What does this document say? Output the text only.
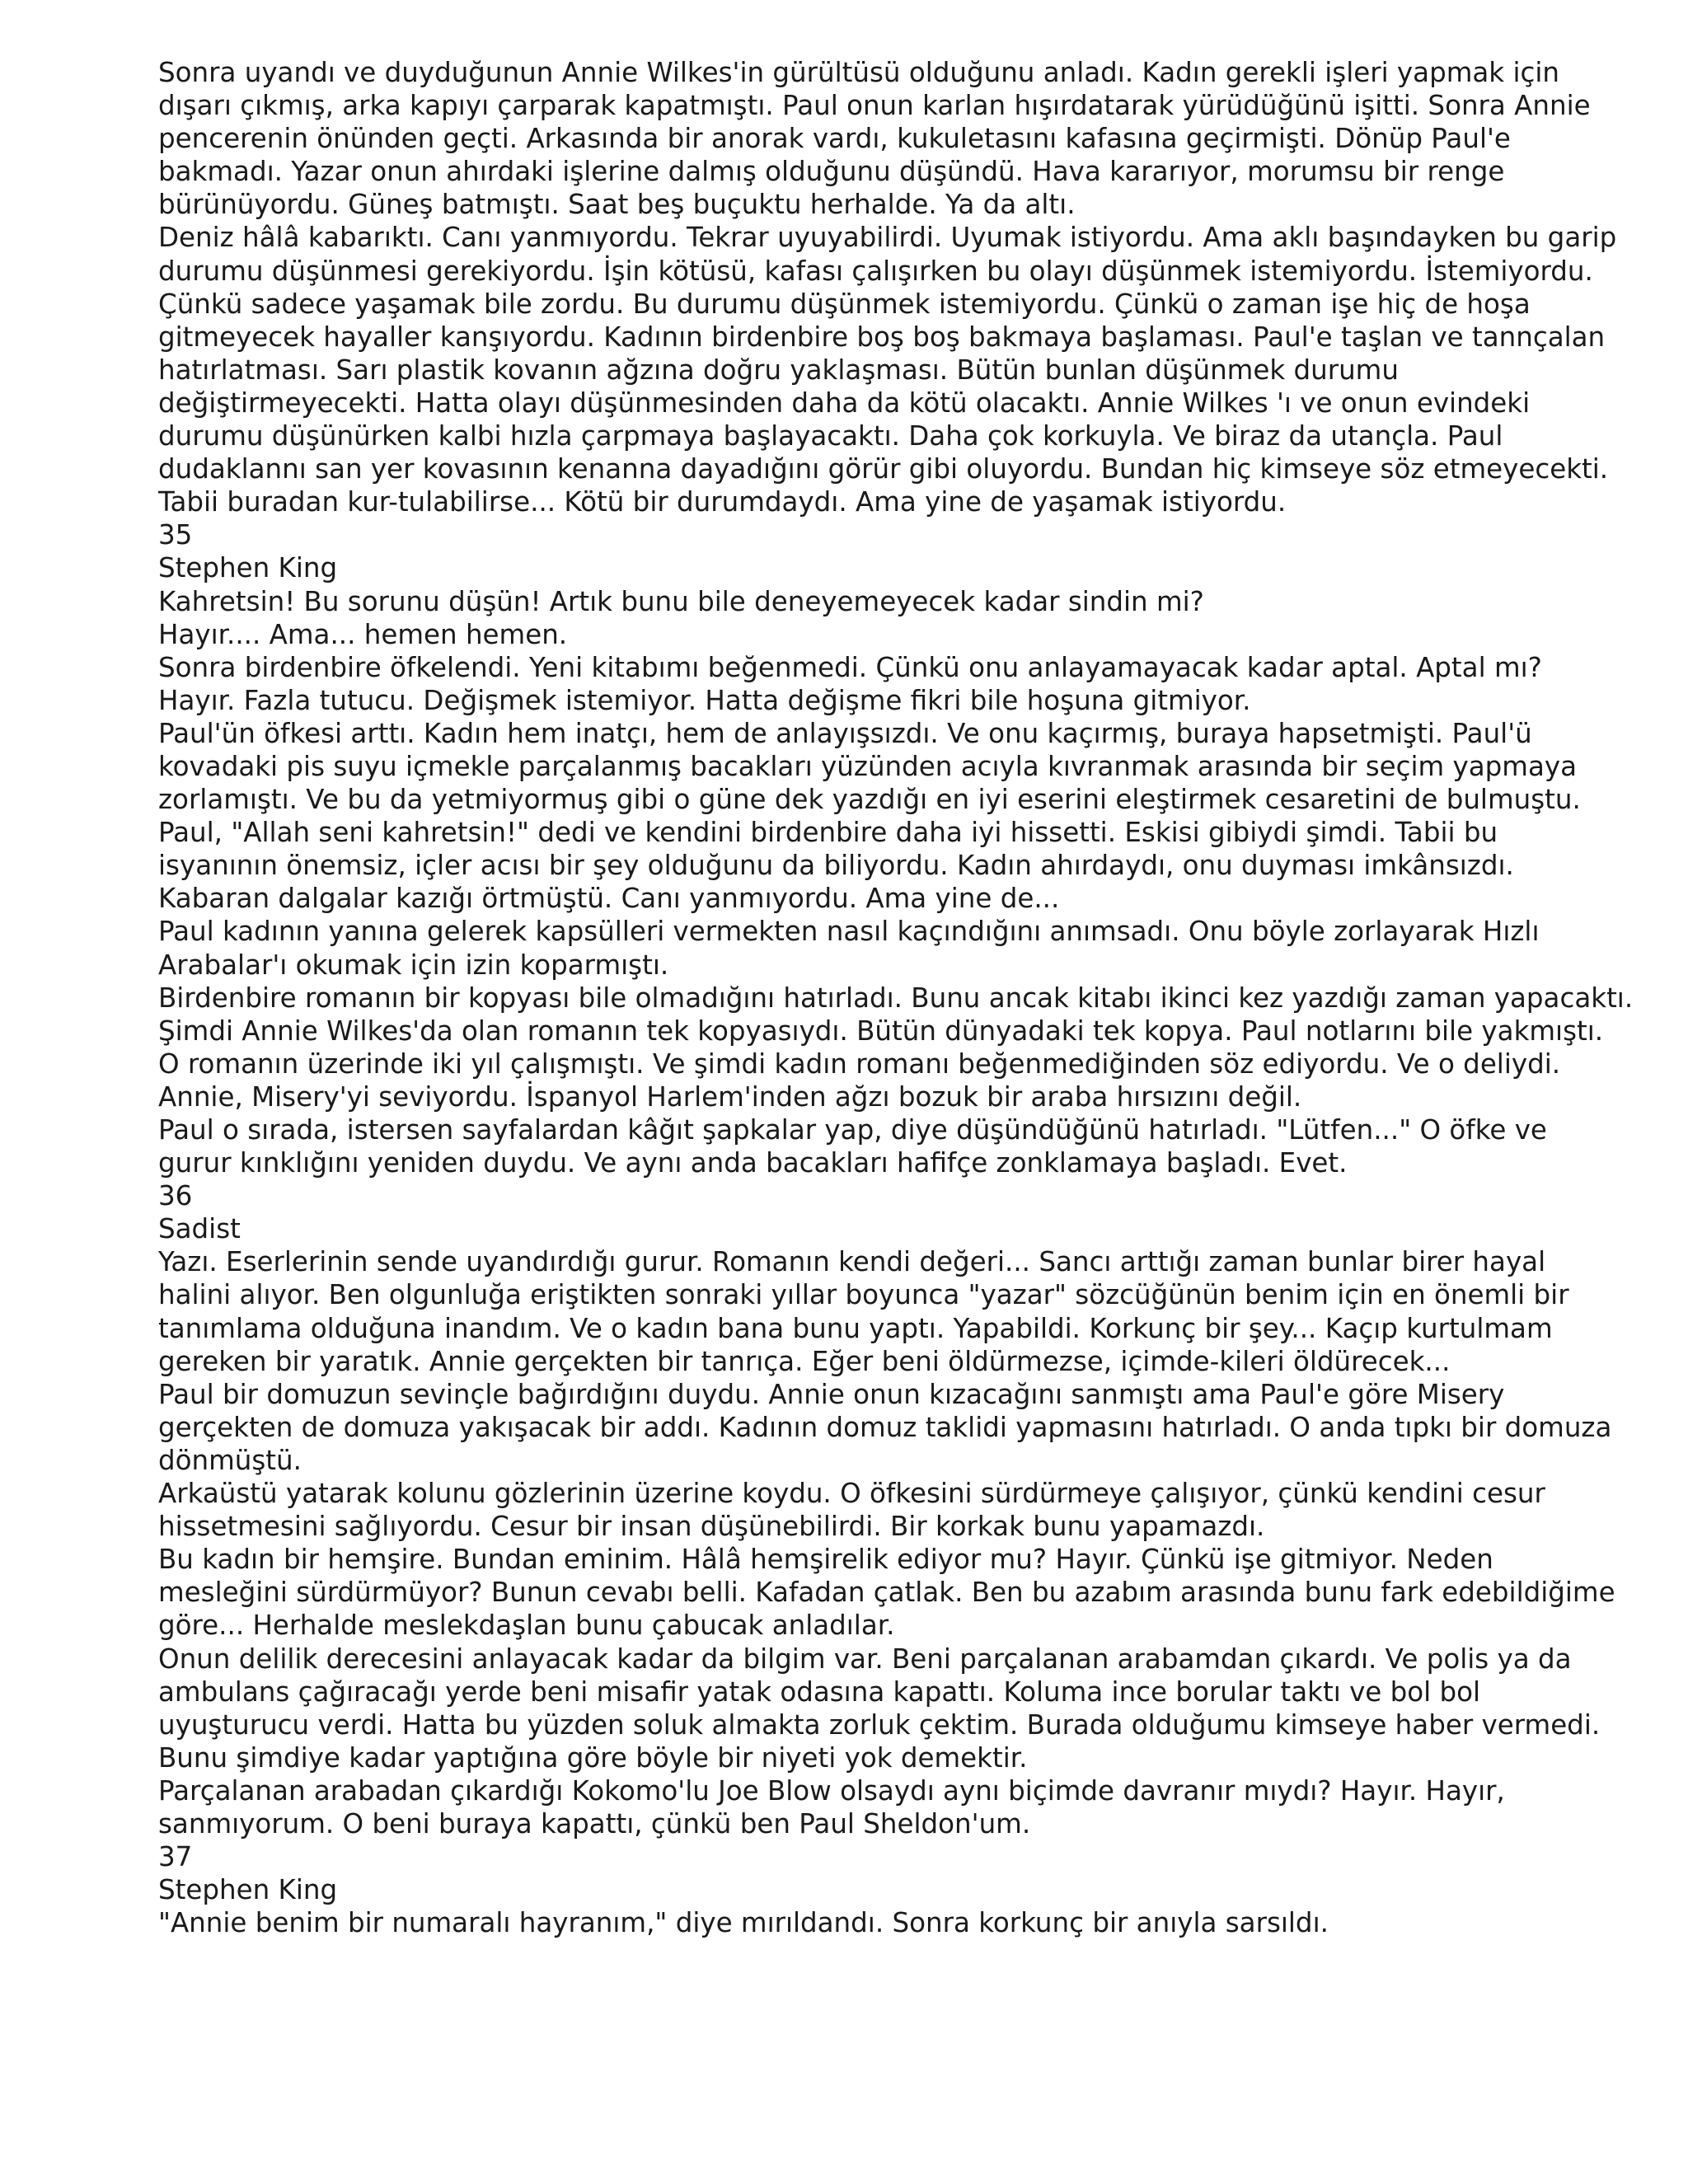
Sonra uyandı ve duyduğunun Annie Wilkes'in gürültüsü olduğunu anladı. Kadın gerekli işleri yapmak için
dışarı çıkmış, arka kapıyı çarparak kapatmıştı. Paul onun karlan hışırdatarak yürüdüğünü işitti. Sonra Annie
pencerenin önünden geçti. Arkasında bir anorak vardı, kukuletasını kafasına geçirmişti. Dönüp Paul'e
bakmadı. Yazar onun ahırdaki işlerine dalmış olduğunu düşündü. Hava kararıyor, morumsu bir renge
bürünüyordu. Güneş batmıştı. Saat beş buçuktu herhalde. Ya da altı.
Deniz hâlâ kabarıktı. Canı yanmıyordu. Tekrar uyuyabilirdi. Uyumak istiyordu. Ama aklı başındayken bu garip
durumu düşünmesi gerekiyordu. İşin kötüsü, kafası çalışırken bu olayı düşünmek istemiyordu. İstemiyordu.
Çünkü sadece yaşamak bile zordu. Bu durumu düşünmek istemiyordu. Çünkü o zaman işe hiç de hoşa
gitmeyecek hayaller kanşıyordu. Kadının birdenbire boş boş bakmaya başlaması. Paul'e taşlan ve tannçalan
hatırlatması. Sarı plastik kovanın ağzına doğru yaklaşması. Bütün bunlan düşünmek durumu
değiştirmeyecekti. Hatta olayı düşünmesinden daha da kötü olacaktı. Annie Wilkes 'ı ve onun evindeki
durumu düşünürken kalbi hızla çarpmaya başlayacaktı. Daha çok korkuyla. Ve biraz da utançla. Paul
dudaklannı san yer kovasının kenanna dayadığını görür gibi oluyordu. Bundan hiç kimseye söz etmeyecekti.
Tabii buradan kur-tulabilirse... Kötü bir durumdaydı. Ama yine de yaşamak istiyordu.
35
Stephen King
Kahretsin! Bu sorunu düşün! Artık bunu bile deneyemeyecek kadar sindin mi?
Hayır.... Ama... hemen hemen.
Sonra birdenbire öfkelendi. Yeni kitabımı beğenmedi. Çünkü onu anlayamayacak kadar aptal. Aptal mı?
Hayır. Fazla tutucu. Değişmek istemiyor. Hatta değişme fikri bile hoşuna gitmiyor.
Paul'ün öfkesi arttı. Kadın hem inatçı, hem de anlayışsızdı. Ve onu kaçırmış, buraya hapsetmişti. Paul'ü
kovadaki pis suyu içmekle parçalanmış bacakları yüzünden acıyla kıvranmak arasında bir seçim yapmaya
zorlamıştı. Ve bu da yetmiyormuş gibi o güne dek yazdığı en iyi eserini eleştirmek cesaretini de bulmuştu.
Paul, "Allah seni kahretsin!" dedi ve kendini birdenbire daha iyi hissetti. Eskisi gibiydi şimdi. Tabii bu
isyanının önemsiz, içler acısı bir şey olduğunu da biliyordu. Kadın ahırdaydı, onu duyması imkânsızdı.
Kabaran dalgalar kazığı örtmüştü. Canı yanmıyordu. Ama yine de...
Paul kadının yanına gelerek kapsülleri vermekten nasıl kaçındığını anımsadı. Onu böyle zorlayarak Hızlı
Arabalar'ı okumak için izin koparmıştı.
Birdenbire romanın bir kopyası bile olmadığını hatırladı. Bunu ancak kitabı ikinci kez yazdığı zaman yapacaktı.
Şimdi Annie Wilkes'da olan romanın tek kopyasıydı. Bütün dünyadaki tek kopya. Paul notlarını bile yakmıştı.
O romanın üzerinde iki yıl çalışmıştı. Ve şimdi kadın romanı beğenmediğinden söz ediyordu. Ve o deliydi.
Annie, Misery'yi seviyordu. İspanyol Harlem'inden ağzı bozuk bir araba hırsızını değil.
Paul o sırada, istersen sayfalardan kâğıt şapkalar yap, diye düşündüğünü hatırladı. "Lütfen..." O öfke ve
gurur kınklığını yeniden duydu. Ve aynı anda bacakları hafifçe zonklamaya başladı. Evet.
36
Sadist
Yazı. Eserlerinin sende uyandırdığı gurur. Romanın kendi değeri... Sancı arttığı zaman bunlar birer hayal
halini alıyor. Ben olgunluğa eriştikten sonraki yıllar boyunca "yazar" sözcüğünün benim için en önemli bir
tanımlama olduğuna inandım. Ve o kadın bana bunu yaptı. Yapabildi. Korkunç bir şey... Kaçıp kurtulmam
gereken bir yaratık. Annie gerçekten bir tanrıça. Eğer beni öldürmezse, içimde-kileri öldürecek...
Paul bir domuzun sevinçle bağırdığını duydu. Annie onun kızacağını sanmıştı ama Paul'e göre Misery
gerçekten de domuza yakışacak bir addı. Kadının domuz taklidi yapmasını hatırladı. O anda tıpkı bir domuza
dönmüştü.
Arkaüstü yatarak kolunu gözlerinin üzerine koydu. O öfkesini sürdürmeye çalışıyor, çünkü kendini cesur
hissetmesini sağlıyordu. Cesur bir insan düşünebilirdi. Bir korkak bunu yapamazdı.
Bu kadın bir hemşire. Bundan eminim. Hâlâ hemşirelik ediyor mu? Hayır. Çünkü işe gitmiyor. Neden
mesleğini sürdürmüyor? Bunun cevabı belli. Kafadan çatlak. Ben bu azabım arasında bunu fark edebildiğime
göre... Herhalde meslekdaşlan bunu çabucak anladılar.
Onun delilik derecesini anlayacak kadar da bilgim var. Beni parçalanan arabamdan çıkardı. Ve polis ya da
ambulans çağıracağı yerde beni misafir yatak odasına kapattı. Koluma ince borular taktı ve bol bol
uyuşturucu verdi. Hatta bu yüzden soluk almakta zorluk çektim. Burada olduğumu kimseye haber vermedi.
Bunu şimdiye kadar yaptığına göre böyle bir niyeti yok demektir.
Parçalanan arabadan çıkardığı Kokomo'lu Joe Blow olsaydı aynı biçimde davranır mıydı? Hayır. Hayır,
sanmıyorum. O beni buraya kapattı, çünkü ben Paul Sheldon'um.
37
Stephen King
"Annie benim bir numaralı hayranım," diye mırıldandı. Sonra korkunç bir anıyla sarsıldı.
